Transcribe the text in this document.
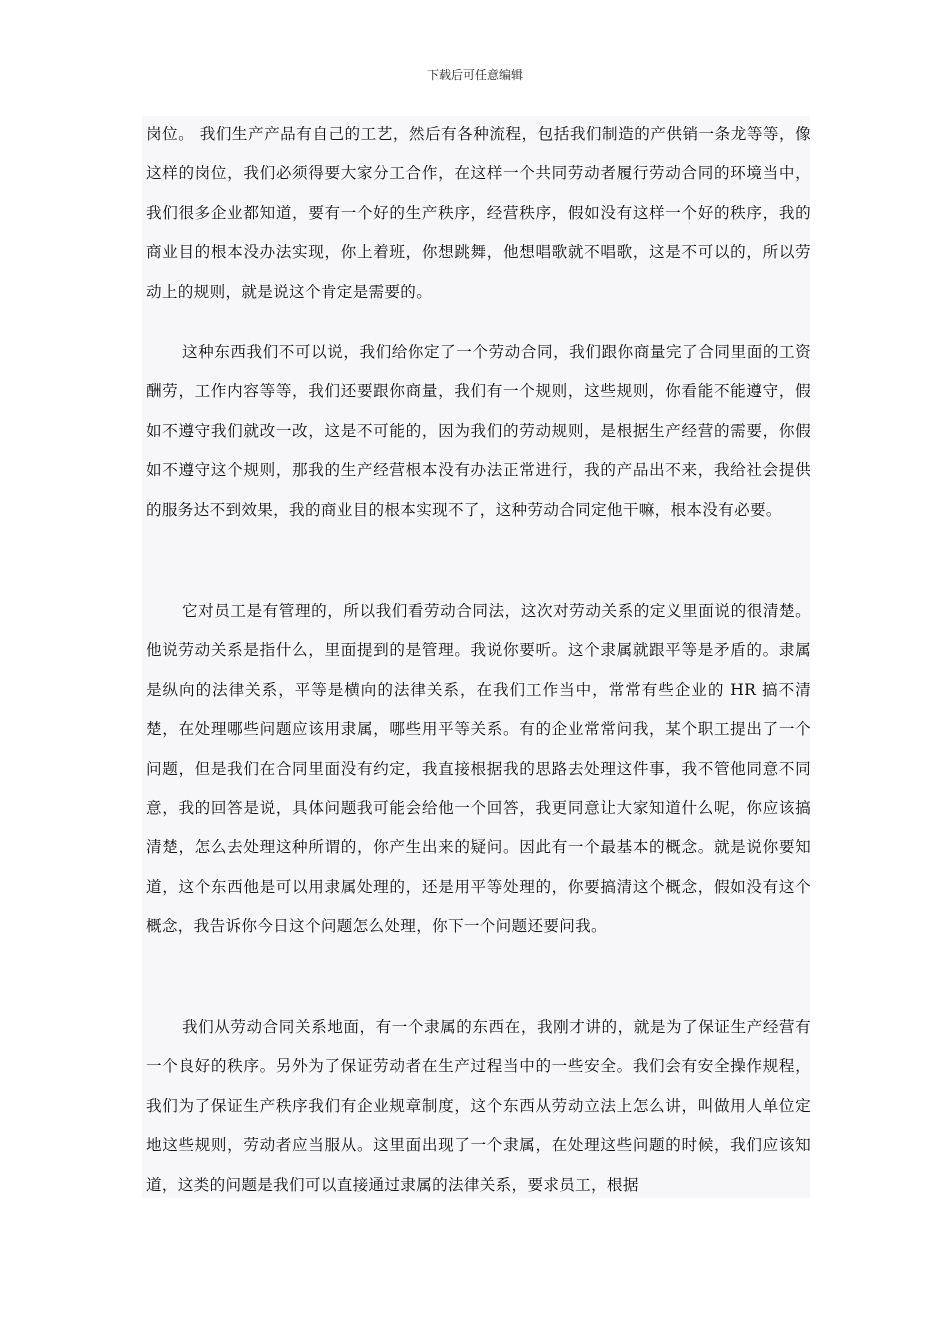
下载后可任意编辑

岗位。 我们生产产品有自己的工艺，然后有各种流程，包括我们制造的产供销一条龙等等，像这样的岗位，我们必须得要大家分工合作，在这样一个共同劳动者履行劳动合同的环境当中，我们很多企业都知道，要有一个好的生产秩序，经营秩序，假如没有这样一个好的秩序，我的商业目的根本没办法实现，你上着班，你想跳舞，他想唱歌就不唱歌，这是不可以的，所以劳动上的规则，就是说这个肯定是需要的。

这种东西我们不可以说，我们给你定了一个劳动合同，我们跟你商量完了合同里面的工资酬劳，工作内容等等，我们还要跟你商量，我们有一个规则，这些规则，你看能不能遵守，假如不遵守我们就改一改，这是不可能的，因为我们的劳动规则，是根据生产经营的需要，你假如不遵守这个规则，那我的生产经营根本没有办法正常进行，我的产品出不来，我给社会提供的服务达不到效果，我的商业目的根本实现不了，这种劳动合同定他干嘛，根本没有必要。

它对员工是有管理的，所以我们看劳动合同法，这次对劳动关系的定义里面说的很清楚。他说劳动关系是指什么，里面提到的是管理。我说你要听。这个隶属就跟平等是矛盾的。隶属是纵向的法律关系，平等是横向的法律关系，在我们工作当中，常常有些企业的 HR 搞不清楚，在处理哪些问题应该用隶属，哪些用平等关系。有的企业常常问我，某个职工提出了一个问题，但是我们在合同里面没有约定，我直接根据我的思路去处理这件事，我不管他同意不同意，我的回答是说，具体问题我可能会给他一个回答，我更同意让大家知道什么呢，你应该搞清楚，怎么去处理这种所谓的，你产生出来的疑问。因此有一个最基本的概念。就是说你要知道，这个东西他是可以用隶属处理的，还是用平等处理的，你要搞清这个概念，假如没有这个概念，我告诉你今日这个问题怎么处理，你下一个问题还要问我。

我们从劳动合同关系地面，有一个隶属的东西在，我刚才讲的，就是为了保证生产经营有一个良好的秩序。另外为了保证劳动者在生产过程当中的一些安全。我们会有安全操作规程，我们为了保证生产秩序我们有企业规章制度，这个东西从劳动立法上怎么讲，叫做用人单位定地这些规则，劳动者应当服从。这里面出现了一个隶属，在处理这些问题的时候，我们应该知道，这类的问题是我们可以直接通过隶属的法律关系，要求员工，根据
